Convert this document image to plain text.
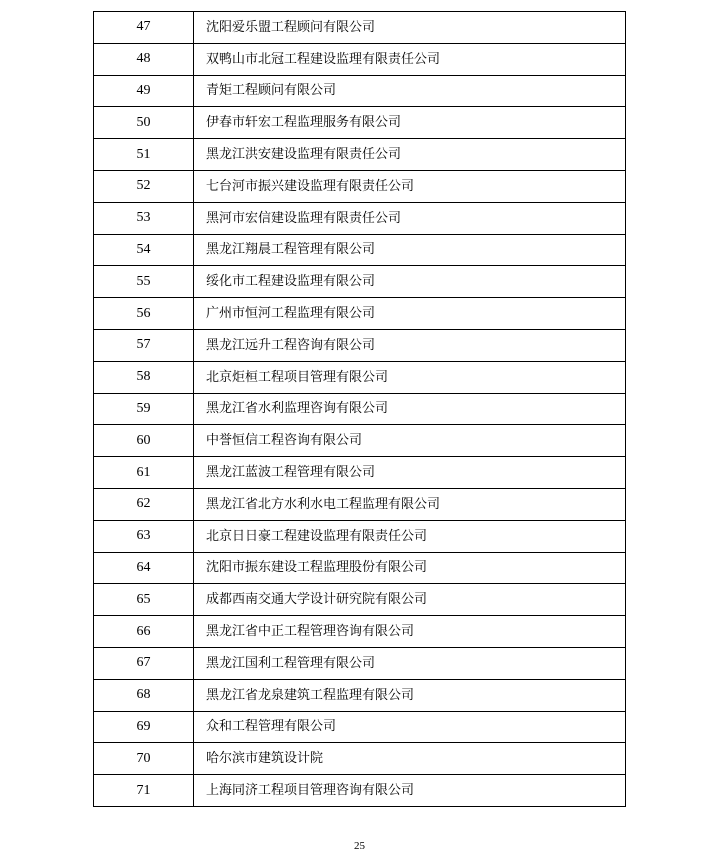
47	沈阳爱乐盟工程顾问有限公司
48	双鸭山市北冠工程建设监理有限责任公司
49	青矩工程顾问有限公司
50	伊春市轩宏工程监理服务有限公司
51	黑龙江洪安建设监理有限责任公司
52	七台河市振兴建设监理有限责任公司
53	黑河市宏信建设监理有限责任公司
54	黑龙江翔晨工程管理有限公司
55	绥化市工程建设监理有限公司
56	广州市恒河工程监理有限公司
57	黑龙江远升工程咨询有限公司
58	北京炬桓工程项目管理有限公司
59	黑龙江省水利监理咨询有限公司
60	中誉恒信工程咨询有限公司
61	黑龙江蓝波工程管理有限公司
62	黑龙江省北方水利水电工程监理有限公司
63	北京日日豪工程建设监理有限责任公司
64	沈阳市振东建设工程监理股份有限公司
65	成都西南交通大学设计研究院有限公司
66	黑龙江省中正工程管理咨询有限公司
67	黑龙江国利工程管理有限公司
68	黑龙江省龙泉建筑工程监理有限公司
69	众和工程管理有限公司
70	哈尔滨市建筑设计院
71	上海同济工程项目管理咨询有限公司
25
